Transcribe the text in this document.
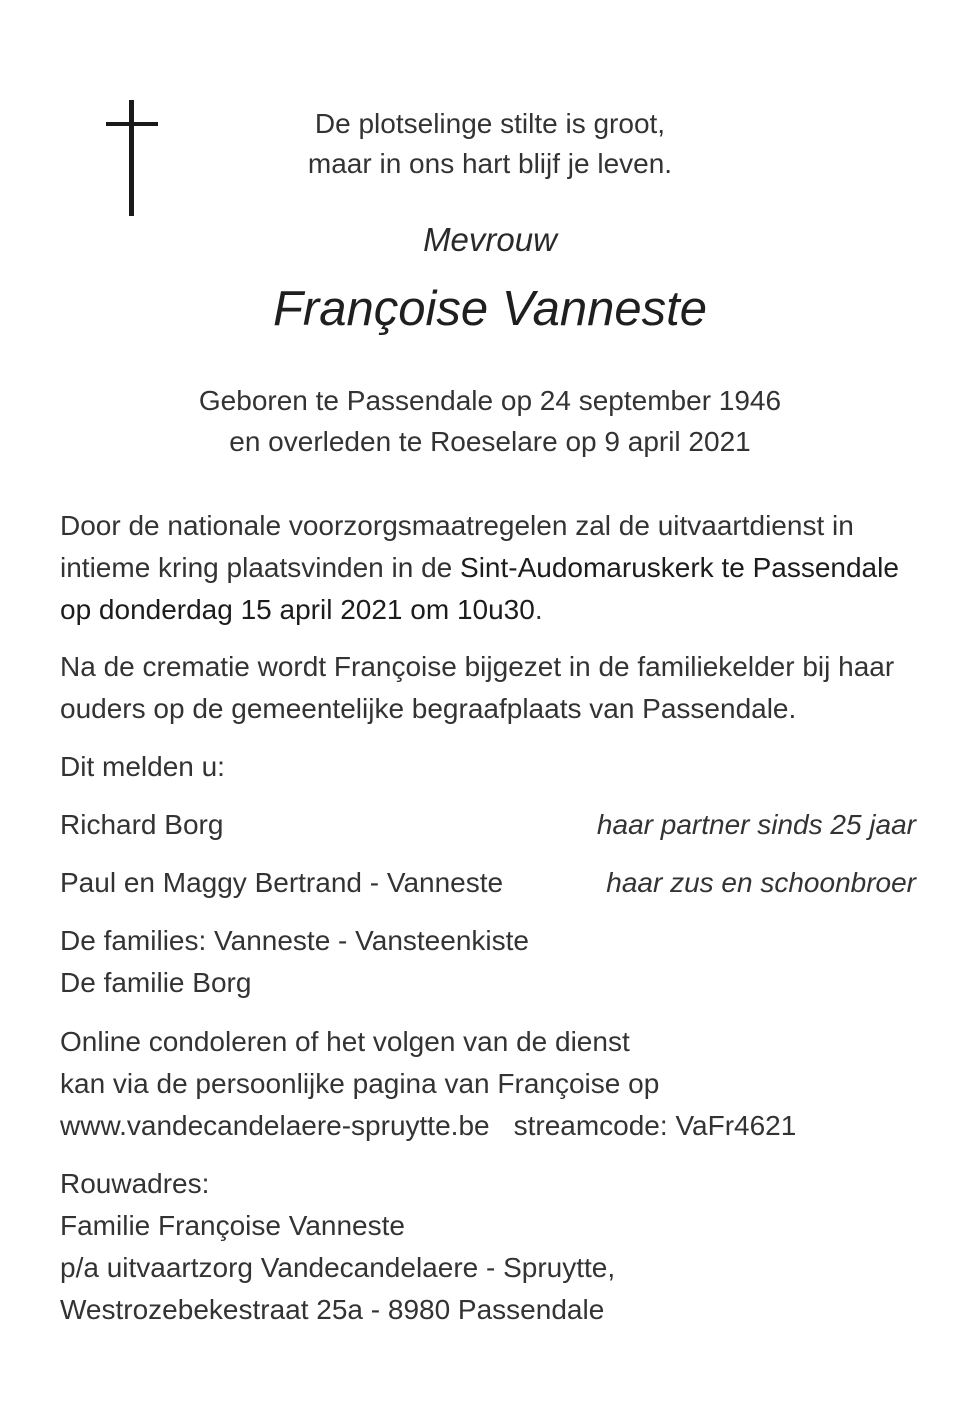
De plotselinge stilte is groot,
maar in ons hart blijf je leven.
Mevrouw
Françoise Vanneste
Geboren te Passendale op 24 september 1946
en overleden te Roeselare op 9 april 2021
Door de nationale voorzorgsmaatregelen zal de uitvaartdienst in intieme kring plaatsvinden in de Sint-Audomaruskerk te Passendale op donderdag 15 april 2021 om 10u30.
Na de crematie wordt Françoise bijgezet in de familiekelder bij haar ouders op de gemeentelijke begraafplaats van Passendale.
Dit melden u:
Richard Borg	haar partner sinds 25 jaar
Paul en Maggy Bertrand - Vanneste	haar zus en schoonbroer
De families: Vanneste - Vansteenkiste
De familie Borg
Online condoleren of het volgen van de dienst
kan via de persoonlijke pagina van Françoise op
www.vandecandelaere-spruytte.be streamcode: VaFr4621
Rouwadres:
Familie Françoise Vanneste
p/a uitvaartzorg Vandecandelaere - Spruytte,
Westrozebekestraat 25a - 8980 Passendale
